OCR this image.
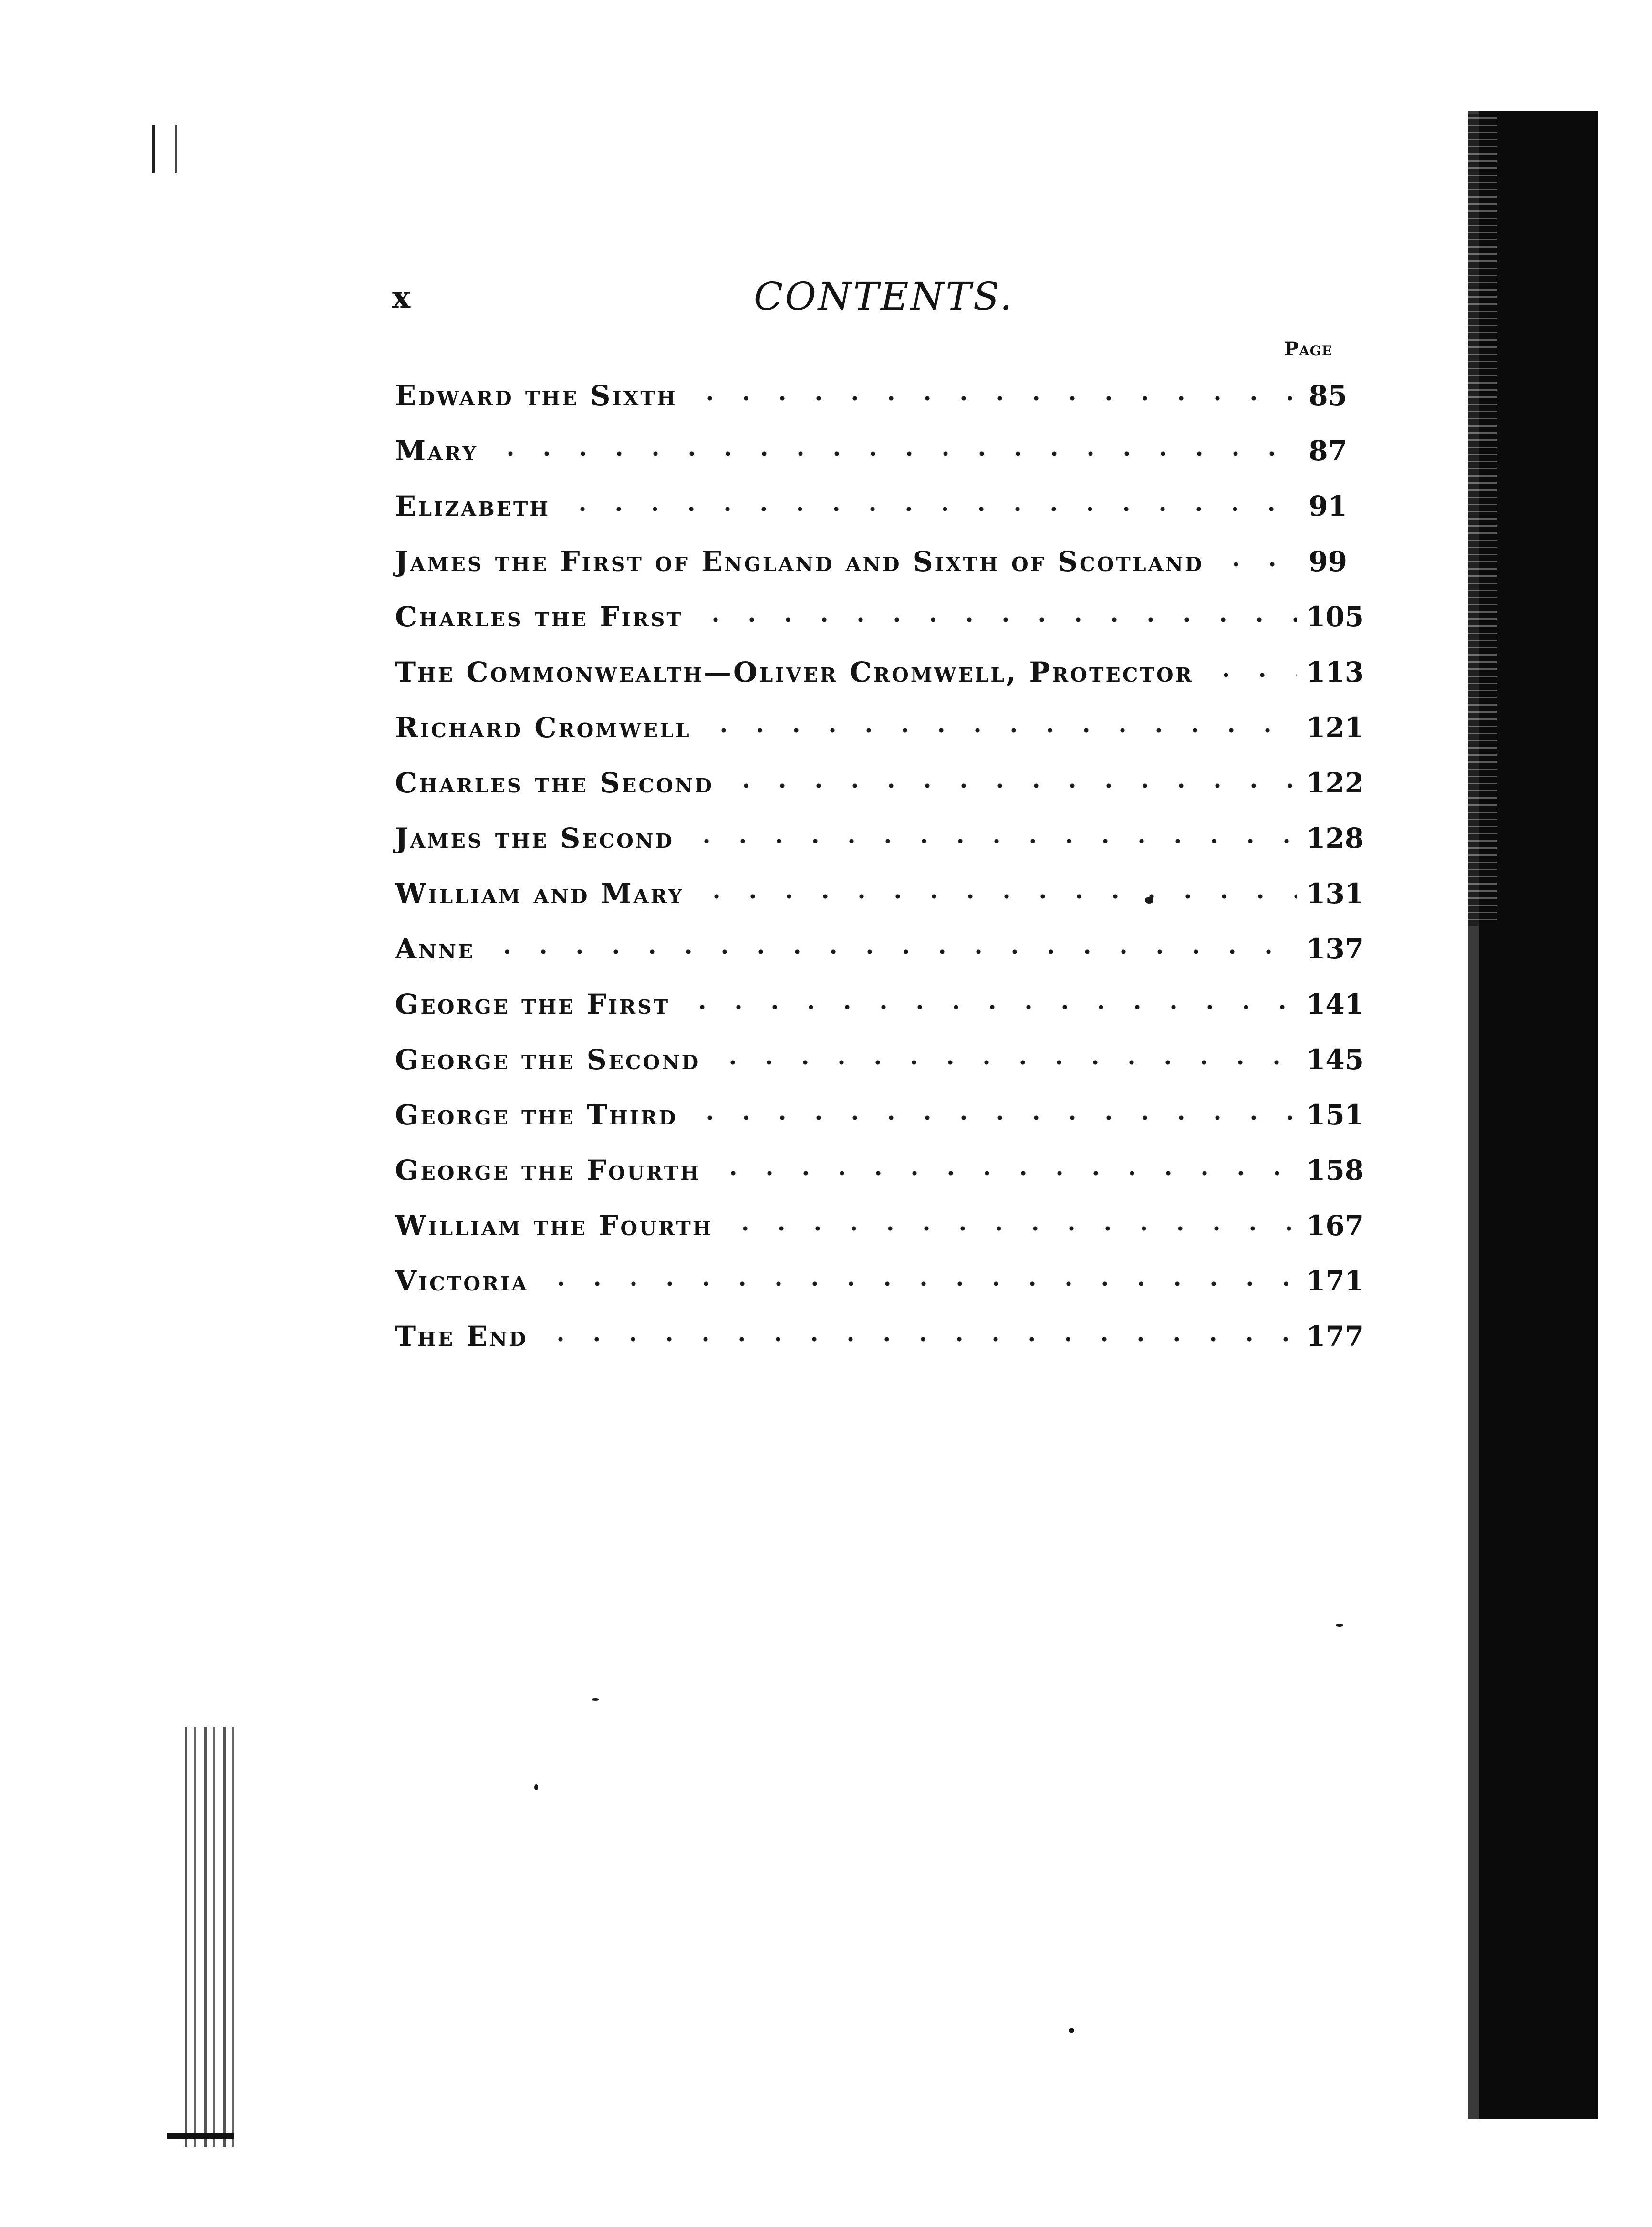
x	CONTENTS.
Page
Edward the Sixth	85
Mary	87
Elizabeth	91
James the First of England and Sixth of Scotland	99
Charles the First	105
The Commonwealth—Oliver Cromwell, Protector	113
Richard Cromwell	121
Charles the Second	122
James the Second	128
William and Mary	131
Anne	137
George the First	141
George the Second	145
George the Third	151
George the Fourth	158
William the Fourth	167
Victoria	171
The End	177
